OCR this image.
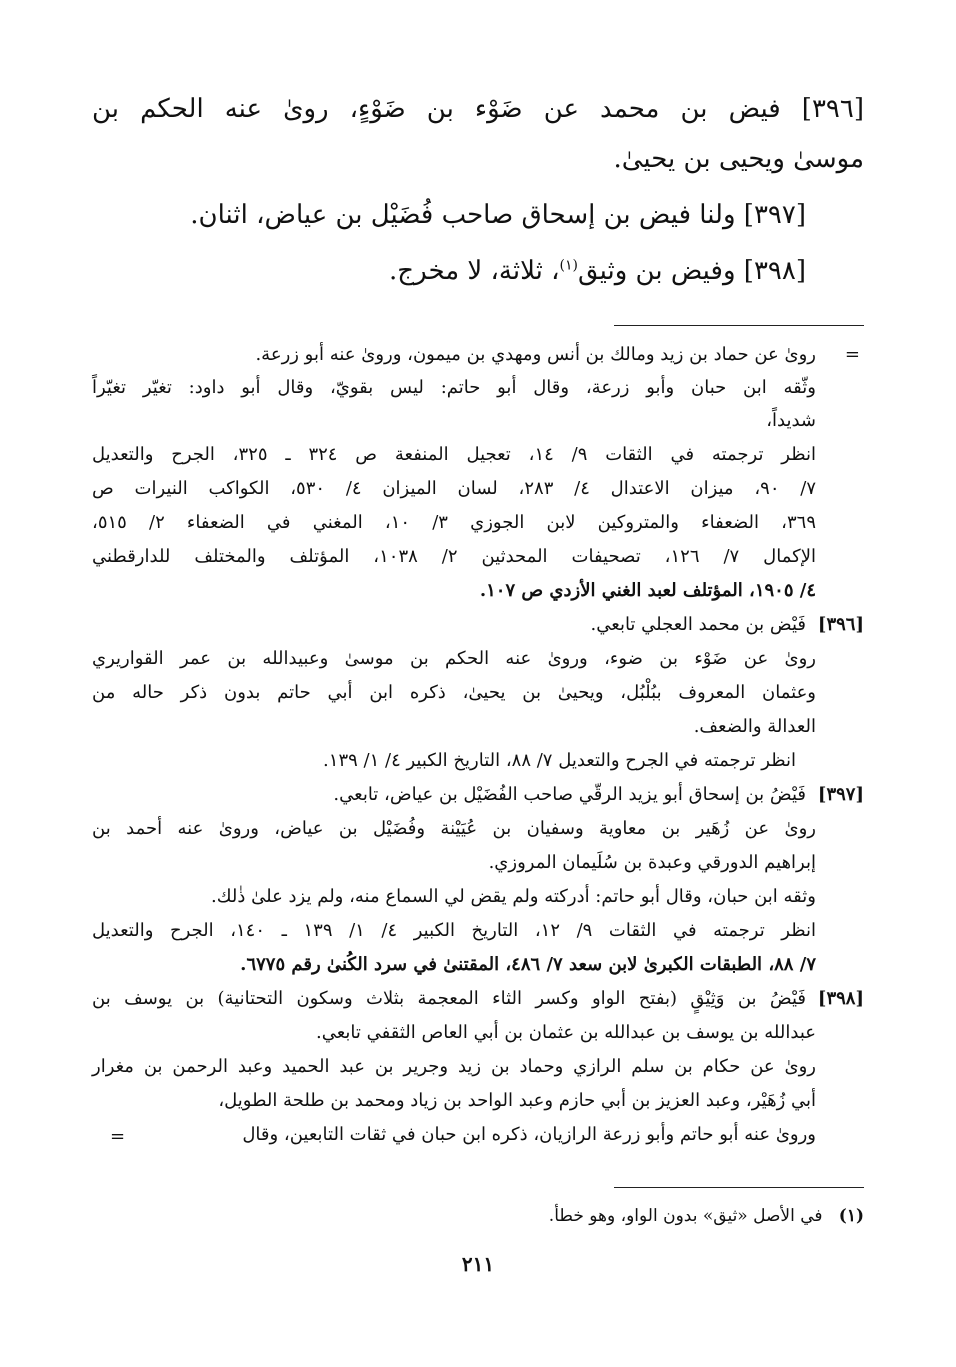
[٣٩٦] فيض بن محمد عن ضَوْء بن ضَوْءٍ، روىٰ عنه الحكم بن
موسىٰ ويحيى بن يحيىٰ.
[٣٩٧] ولنا فيض بن إسحاق صاحب فُضَيْل بن عياض، اثنان.
[٣٩٨] وفيض بن وثيق$^{(١)}$، ثلاثة، لا مخرج.
=
روىٰ عن حماد بن زيد ومالك بن أنس ومهدي بن ميمون، وروىٰ عنه أبو زرعة.
وثّقه ابن حبان وأبو زرعة، وقال أبو حاتم: ليس بقويّ، وقال أبو داود: تغيّر تغيّراً
شديداً،
انظر ترجمته في الثقات ٩/ ١٤، تعجيل المنفعة ص ٣٢٤ ـ ٣٢٥، الجرح والتعديل
٧/ ٩٠، ميزان الاعتدال ٤/ ٢٨٣، لسان الميزان ٤/ ٥٣٠، الكواكب النيرات ص
٣٦٩، الضعفاء والمتروكين لابن الجوزي ٣/ ١٠، المغني في الضعفاء ٢/ ٥١٥،
الإكمال ٧/ ١٢٦، تصحيفات المحدثين ٢/ ١٠٣٨، المؤتلف والمختلف للدارقطني
٤/ ١٩٠٥، المؤتلف لعبد الغني الأزدي ص ١٠٧.
[٣٩٦]
فَيْض بن محمد العجلي تابعي.
روىٰ عن ضَوْء بن ضوء، وروىٰ عنه الحكم بن موسىٰ وعبيدالله بن عمر القواريري
وعثمان المعروف ببُلْبُل، ويحيىٰ بن يحيىٰ، ذكره ابن أبي حاتم بدون ذكر حاله من
العدالة والضعف.
انظر ترجمته في الجرح والتعديل ٧/ ٨٨، التاريخ الكبير ٤/ ١/ ١٣٩.
[٣٩٧]
فَيْضُ بن إسحاق أبو يزيد الرقّي صاحب الفُضَيْل بن عياض، تابعي.
روىٰ عن زُهَير بن معاوية وسفيان بن عُيَيْنة وفُضَيْل بن عياض، وروىٰ عنه أحمد بن
إبراهيم الدورقي وعبدة بن سُلَيمان المروزي.
وثقه ابن حبان، وقال أبو حاتم: أدركته ولم يقض لي السماع منه، ولم يزد علىٰ ذٰلك.
انظر ترجمته في الثقات ٩/ ١٢، التاريخ الكبير ٤/ ١/ ١٣٩ ـ ١٤٠، الجرح والتعديل
٧/ ٨٨، الطبقات الكبرىٰ لابن سعد ٧/ ٤٨٦، المقتنىٰ في سرد الكُنىٰ رقم ٦٧٧٥.
[٣٩٨]
فَيْضُ بن وَثِيْقٍ (بفتح الواو وكسر الثاء المعجمة بثلاث وسكون التحتانية) بن يوسف بن
عبدالله بن يوسف بن عبدالله بن عثمان بن أبي العاص الثقفي تابعي.
روىٰ عن حكام بن سلم الرازي وحماد بن زيد وجرير بن عبد الحميد وعبد الرحمن بن مغرار
أبي زُهَيْر، وعبد العزيز بن أبي حازم وعبد الواحد بن زياد ومحمد بن طلحة الطويل،
وروىٰ عنه أبو حاتم وأبو زرعة الرازيان، ذكره ابن حبان في ثقات التابعين، وقال
=
(١)   في الأصل «ثيق» بدون الواو، وهو خطأ.
٢١١
